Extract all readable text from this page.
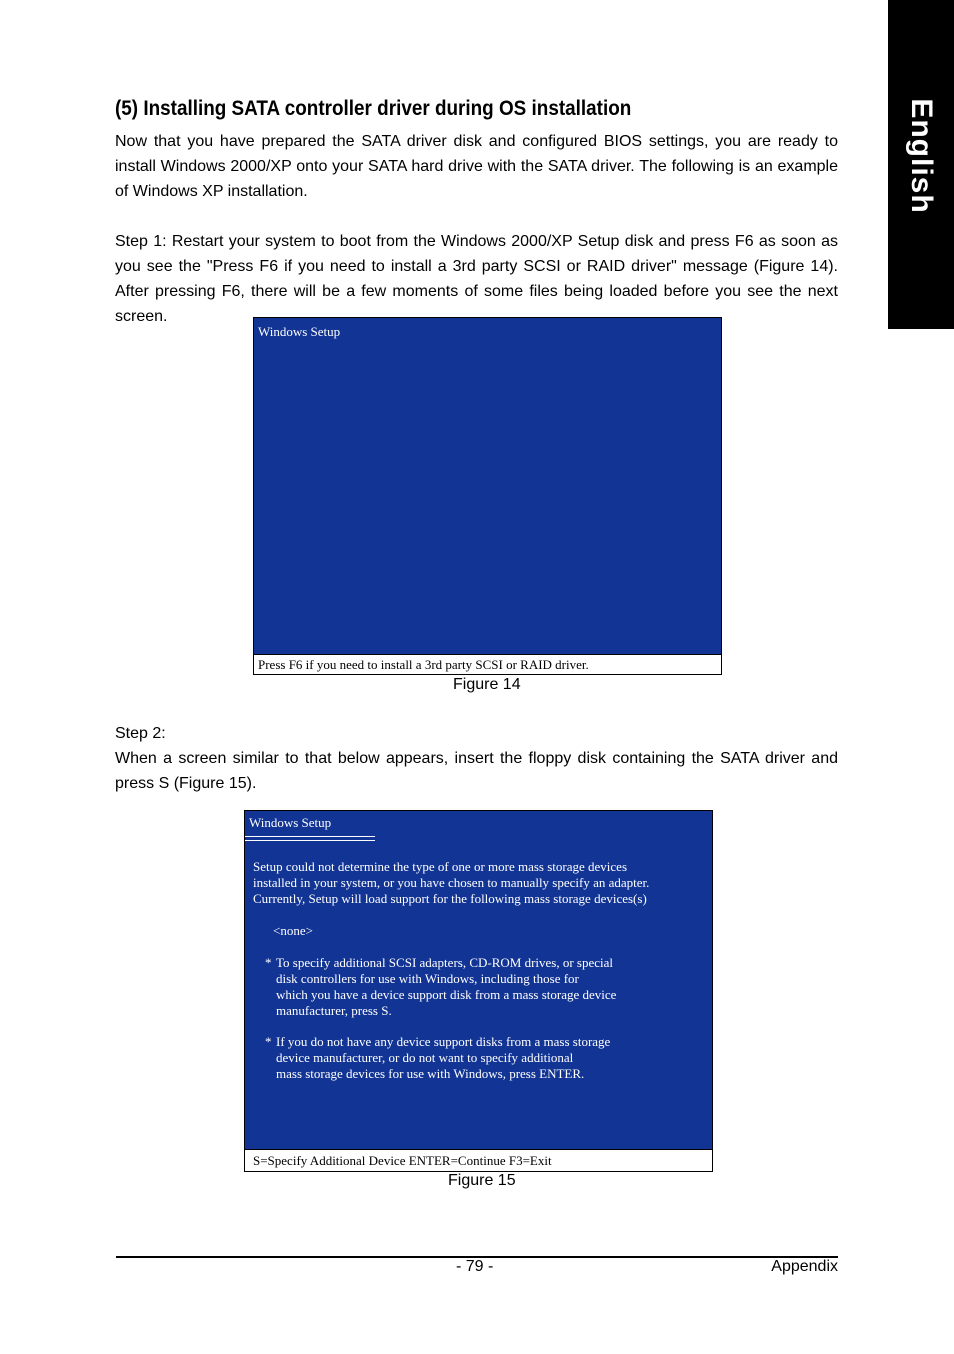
English
(5) Installing SATA controller driver during OS installation

Now that you have prepared the SATA driver disk and configured BIOS settings, you are ready to install Windows 2000/XP onto your SATA hard drive with the SATA driver. The following is an example of Windows XP installation.

Step 1: Restart your system to boot from the Windows 2000/XP Setup disk and press F6 as soon as you see the "Press F6 if you need to install a 3rd party SCSI or RAID driver" message (Figure 14). After pressing F6, there will be a few moments of some files being loaded before you see the next screen.

Windows Setup
Press F6 if you need to install a 3rd party SCSI or RAID driver.
Figure 14

Step 2:

When a screen similar to that below appears, insert the floppy disk containing the SATA driver and press S (Figure 15).

Windows Setup
Setup could not determine the type of one or more mass storage devices
installed in your system, or you have chosen to manually specify an adapter.
Currently, Setup will load support for the following mass storage devices(s)
<none>
* To specify additional SCSI adapters, CD-ROM drives, or special
disk controllers for use with Windows, including those for
which you have a device support disk from a mass storage device
manufacturer, press S.
* If you do not have any device support disks from a mass storage
device manufacturer, or do not want to specify additional
mass storage devices for use with Windows, press ENTER.
S=Specify Additional Device ENTER=Continue F3=Exit
Figure 15
- 79 -	Appendix
